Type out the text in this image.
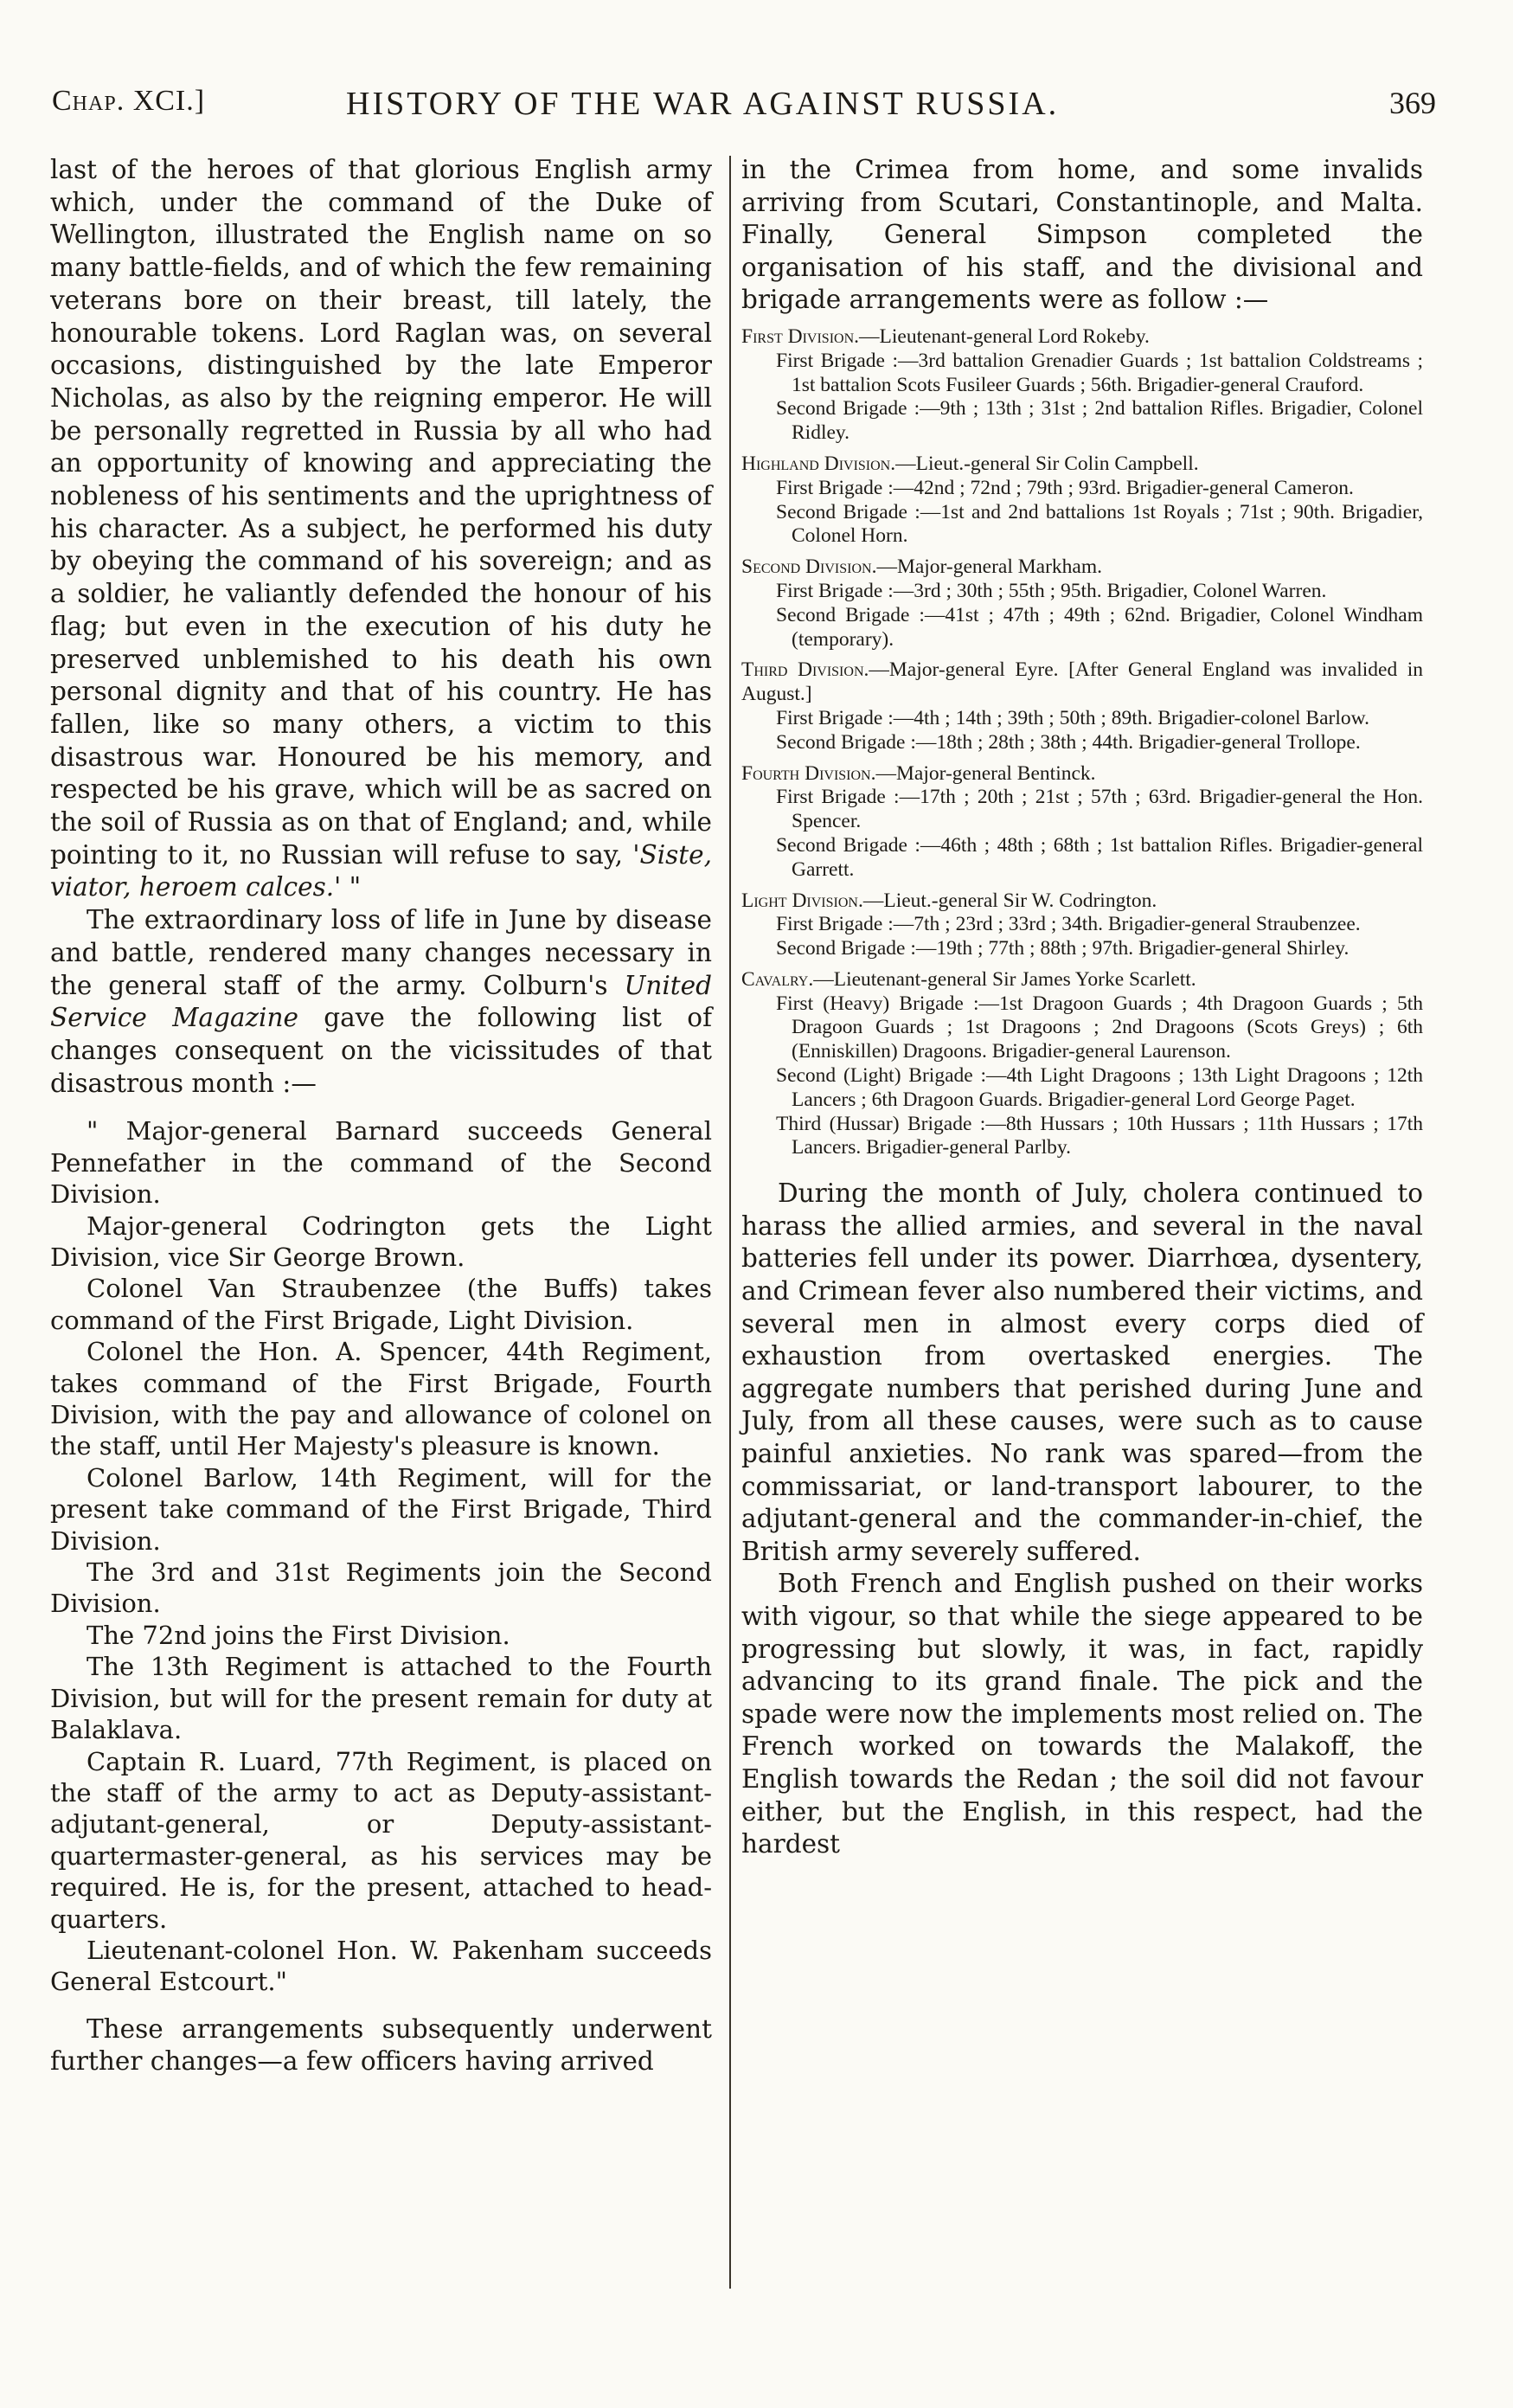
Chap. XCI.]	HISTORY OF THE WAR AGAINST RUSSIA.	369

last of the heroes of that glorious English army which, under the command of the Duke of Wellington, illustrated the English name on so many battle-fields, and of which the few remaining veterans bore on their breast, till lately, the honourable tokens. Lord Raglan was, on several occasions, distinguished by the late Emperor Nicholas, as also by the reigning emperor. He will be personally regretted in Russia by all who had an opportunity of knowing and appreciating the nobleness of his sentiments and the uprightness of his character. As a subject, he performed his duty by obeying the command of his sovereign; and as a soldier, he valiantly defended the honour of his flag; but even in the execution of his duty he preserved unblemished to his death his own personal dignity and that of his country. He has fallen, like so many others, a victim to this disastrous war. Honoured be his memory, and respected be his grave, which will be as sacred on the soil of Russia as on that of England; and, while pointing to it, no Russian will refuse to say, 'Siste, viator, heroem calces.' "

The extraordinary loss of life in June by disease and battle, rendered many changes necessary in the general staff of the army. Colburn's United Service Magazine gave the following list of changes consequent on the vicissitudes of that disastrous month :—

" Major-general Barnard succeeds General Pennefather in the command of the Second Division.

Major-general Codrington gets the Light Division, vice Sir George Brown.

Colonel Van Straubenzee (the Buffs) takes command of the First Brigade, Light Division.

Colonel the Hon. A. Spencer, 44th Regiment, takes command of the First Brigade, Fourth Division, with the pay and allowance of colonel on the staff, until Her Majesty's pleasure is known.

Colonel Barlow, 14th Regiment, will for the present take command of the First Brigade, Third Division.

The 3rd and 31st Regiments join the Second Division.

The 72nd joins the First Division.

The 13th Regiment is attached to the Fourth Division, but will for the present remain for duty at Balaklava.

Captain R. Luard, 77th Regiment, is placed on the staff of the army to act as Deputy-assistant-adjutant-general, or Deputy-assistant-quartermaster-general, as his services may be required. He is, for the present, attached to head-quarters.

Lieutenant-colonel Hon. W. Pakenham succeeds General Estcourt."

These arrangements subsequently underwent further changes—a few officers having arrived

in the Crimea from home, and some invalids arriving from Scutari, Constantinople, and Malta. Finally, General Simpson completed the organisation of his staff, and the divisional and brigade arrangements were as follow :—

First Division.—Lieutenant-general Lord Rokeby.

First Brigade :—3rd battalion Grenadier Guards ; 1st battalion Coldstreams ; 1st battalion Scots Fusileer Guards ; 56th. Brigadier-general Crauford.

Second Brigade :—9th ; 13th ; 31st ; 2nd battalion Rifles. Brigadier, Colonel Ridley.

Highland Division.—Lieut.-general Sir Colin Campbell.

First Brigade :—42nd ; 72nd ; 79th ; 93rd. Brigadier-general Cameron.

Second Brigade :—1st and 2nd battalions 1st Royals ; 71st ; 90th. Brigadier, Colonel Horn.

Second Division.—Major-general Markham.

First Brigade :—3rd ; 30th ; 55th ; 95th. Brigadier, Colonel Warren.

Second Brigade :—41st ; 47th ; 49th ; 62nd. Brigadier, Colonel Windham (temporary).

Third Division.—Major-general Eyre. [After General England was invalided in August.]

First Brigade :—4th ; 14th ; 39th ; 50th ; 89th. Brigadier-colonel Barlow.

Second Brigade :—18th ; 28th ; 38th ; 44th. Brigadier-general Trollope.

Fourth Division.—Major-general Bentinck.

First Brigade :—17th ; 20th ; 21st ; 57th ; 63rd. Brigadier-general the Hon. Spencer.

Second Brigade :—46th ; 48th ; 68th ; 1st battalion Rifles. Brigadier-general Garrett.

Light Division.—Lieut.-general Sir W. Codrington.

First Brigade :—7th ; 23rd ; 33rd ; 34th. Brigadier-general Straubenzee.

Second Brigade :—19th ; 77th ; 88th ; 97th. Brigadier-general Shirley.

Cavalry.—Lieutenant-general Sir James Yorke Scarlett.

First (Heavy) Brigade :—1st Dragoon Guards ; 4th Dragoon Guards ; 5th Dragoon Guards ; 1st Dragoons ; 2nd Dragoons (Scots Greys) ; 6th (Enniskillen) Dragoons. Brigadier-general Laurenson.

Second (Light) Brigade :—4th Light Dragoons ; 13th Light Dragoons ; 12th Lancers ; 6th Dragoon Guards. Brigadier-general Lord George Paget.

Third (Hussar) Brigade :—8th Hussars ; 10th Hussars ; 11th Hussars ; 17th Lancers. Brigadier-general Parlby.

During the month of July, cholera continued to harass the allied armies, and several in the naval batteries fell under its power. Diarrhœa, dysentery, and Crimean fever also numbered their victims, and several men in almost every corps died of exhaustion from overtasked energies. The aggregate numbers that perished during June and July, from all these causes, were such as to cause painful anxieties. No rank was spared—from the commissariat, or land-transport labourer, to the adjutant-general and the commander-in-chief, the British army severely suffered.

Both French and English pushed on their works with vigour, so that while the siege appeared to be progressing but slowly, it was, in fact, rapidly advancing to its grand finale. The pick and the spade were now the implements most relied on. The French worked on towards the Malakoff, the English towards the Redan ; the soil did not favour either, but the English, in this respect, had the hardest
